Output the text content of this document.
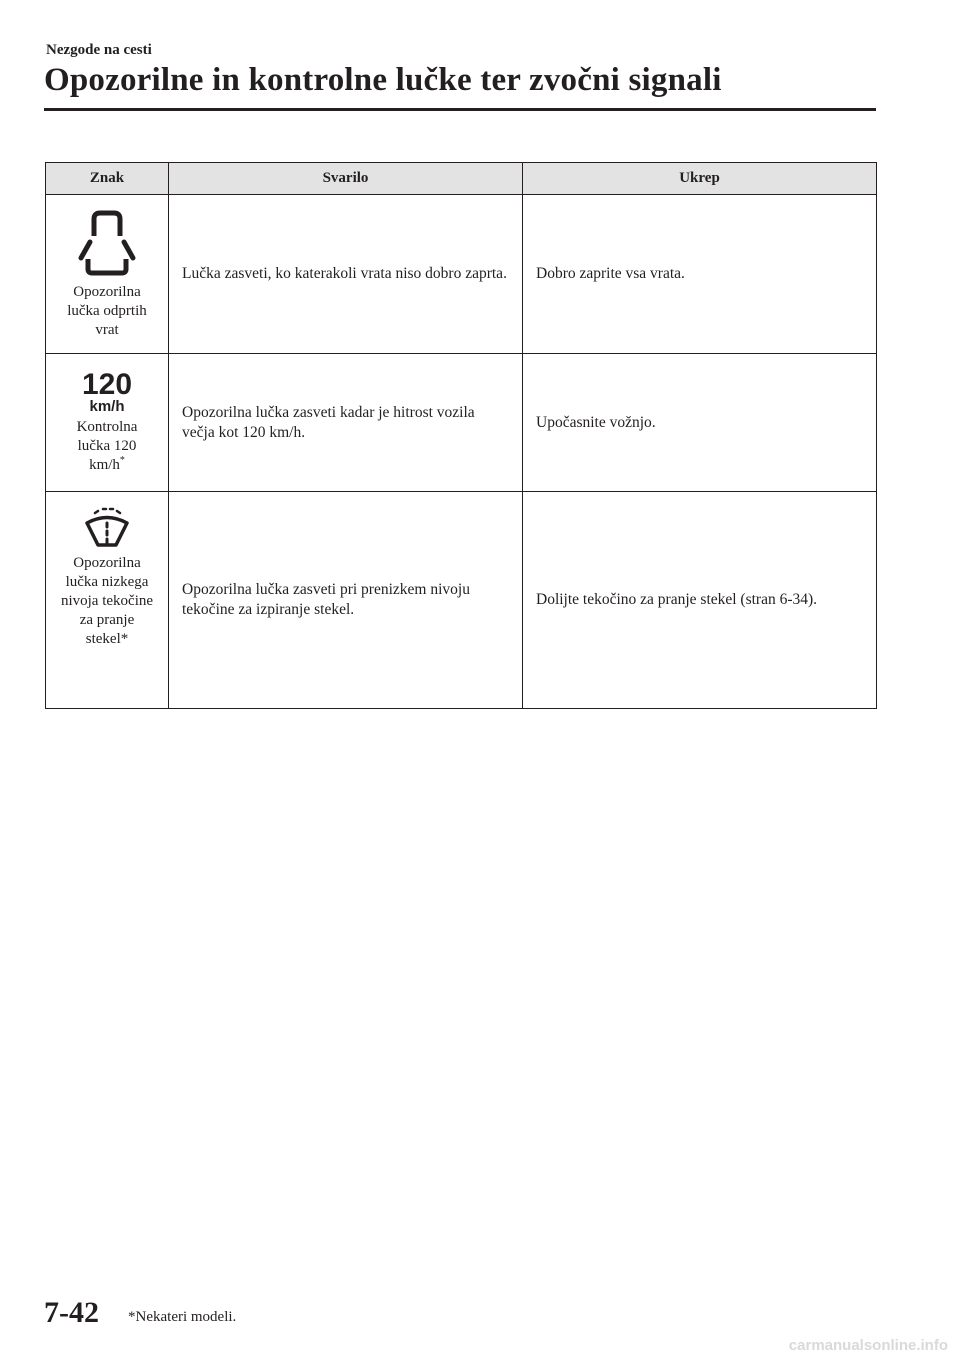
Nezgode na cesti
Opozorilne in kontrolne lučke ter zvočni signali
Znak	Svarilo	Ukrep

Opozorilna lučka odprtih vrat	Lučka zasveti, ko katerakoli vrata niso dobro zaprta.	Dobro zaprite vsa vrata.

120
km/h
Kontrolna lučka 120 km/h*	Opozorilna lučka zasveti kadar je hitrost vozila večja kot 120 km/h.	Upočasnite vožnjo.

Opozorilna lučka nizkega nivoja tekočine za pranje stekel*	Opozorilna lučka zasveti pri prenizkem nivoju tekočine za izpiranje stekel.	Dolijte tekočino za pranje stekel (stran 6-34).
7-42 *Nekateri modeli.
carmanualsonline.info
